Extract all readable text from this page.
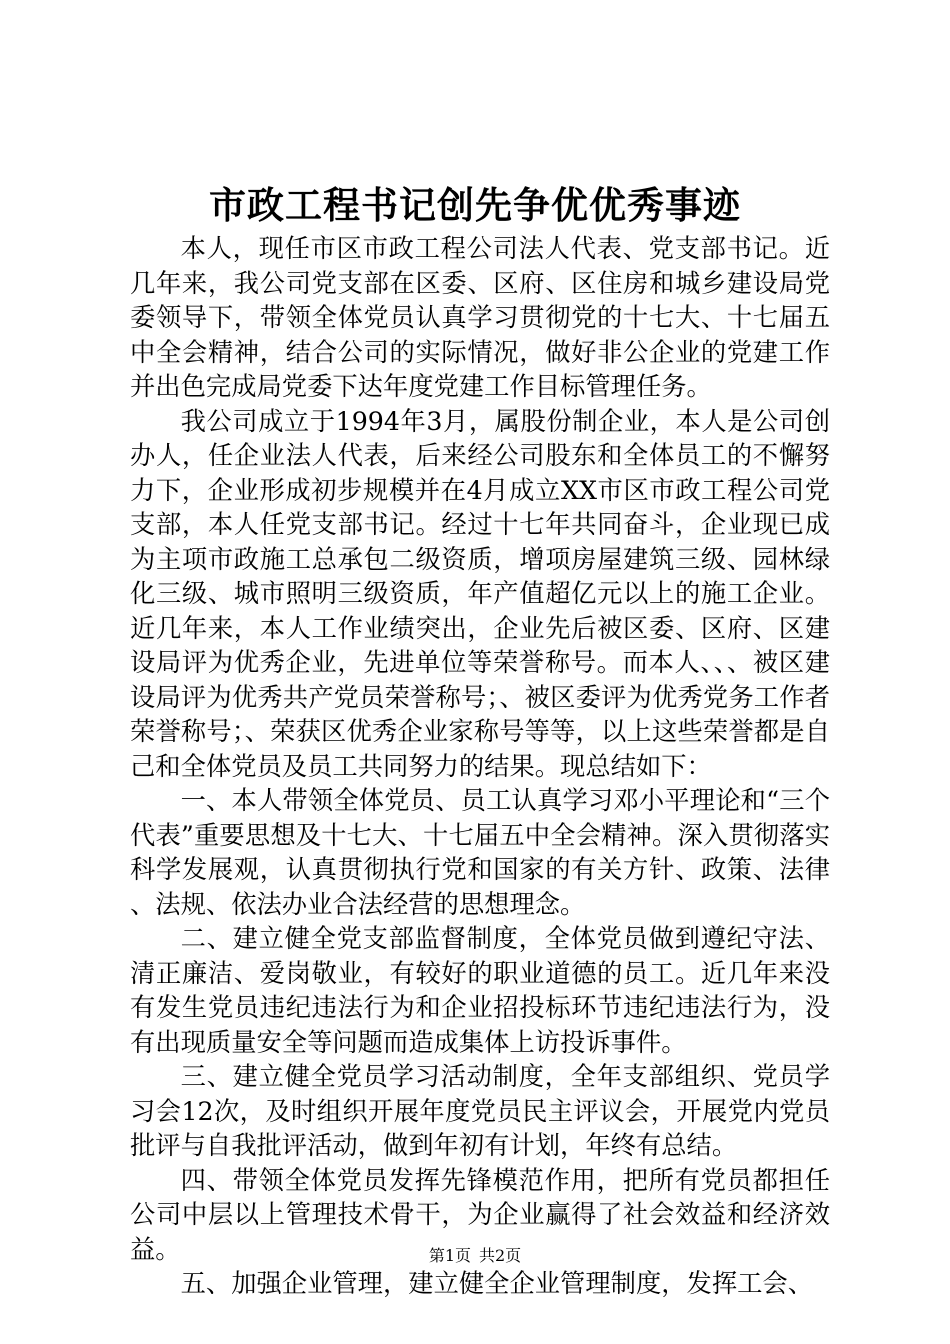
市政工程书记创先争优优秀事迹

本人，现任市区市政工程公司法人代表、党支部书记。近几年来，我公司党支部在区委、区府、区住房和城乡建设局党委领导下，带领全体党员认真学习贯彻党的十七大、十七届五中全会精神，结合公司的实际情况，做好非公企业的党建工作并出色完成局党委下达年度党建工作目标管理任务。

我公司成立于1994年3月，属股份制企业，本人是公司创办人，任企业法人代表，后来经公司股东和全体员工的不懈努力下，企业形成初步规模并在4月成立XX市区市政工程公司党支部，本人任党支部书记。经过十七年共同奋斗，企业现已成为主项市政施工总承包二级资质，增项房屋建筑三级、园林绿化三级、城市照明三级资质，年产值超亿元以上的施工企业。近几年来，本人工作业绩突出，企业先后被区委、区府、区建设局评为优秀企业，先进单位等荣誉称号。而本人、、、被区建设局评为优秀共产党员荣誉称号；、被区委评为优秀党务工作者荣誉称号；、荣获区优秀企业家称号等等，以上这些荣誉都是自己和全体党员及员工共同努力的结果。现总结如下：

一、本人带领全体党员、员工认真学习邓小平理论和“三个代表”重要思想及十七大、十七届五中全会精神。深入贯彻落实科学发展观，认真贯彻执行党和国家的有关方针、政策、法律、法规、依法办业合法经营的思想理念。

二、建立健全党支部监督制度，全体党员做到遵纪守法、清正廉洁、爱岗敬业，有较好的职业道德的员工。近几年来没有发生党员违纪违法行为和企业招投标环节违纪违法行为，没有出现质量安全等问题而造成集体上访投诉事件。

三、建立健全党员学习活动制度，全年支部组织、党员学习会12次，及时组织开展年度党员民主评议会，开展党内党员批评与自我批评活动，做到年初有计划，年终有总结。

四、带领全体党员发挥先锋模范作用，把所有党员都担任公司中层以上管理技术骨干，为企业赢得了社会效益和经济效益。

五、加强企业管理，建立健全企业管理制度，发挥工会、

第1页 共2页
